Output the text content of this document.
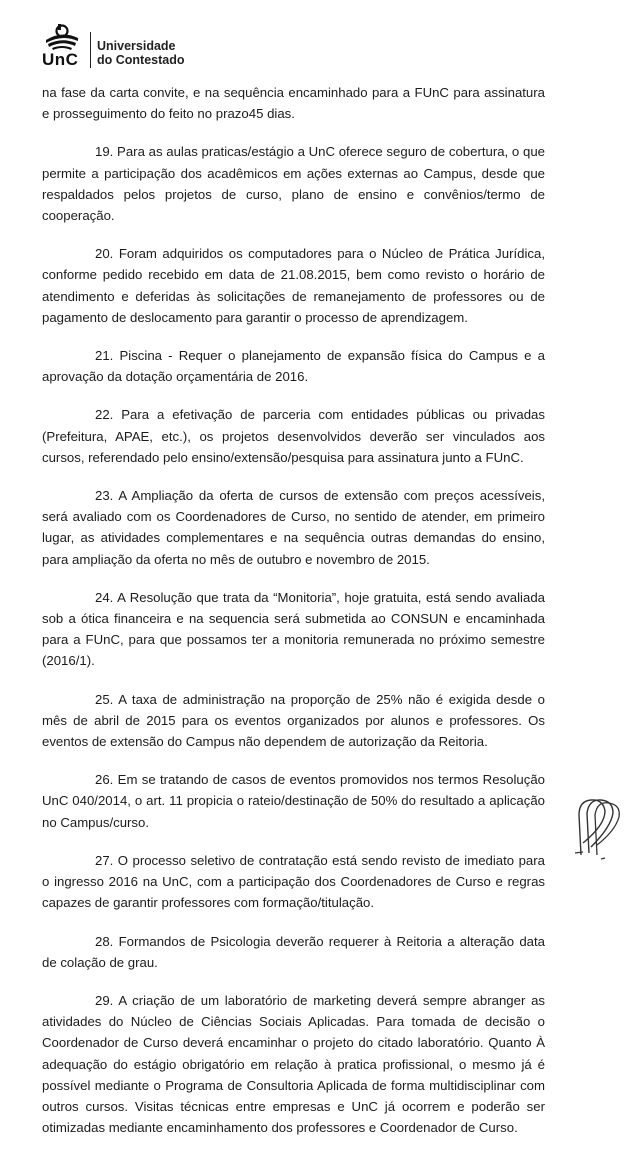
UnC
Universidade
do Contestado

na fase da carta convite, e na sequência encaminhado para a FUnC para assinatura e prosseguimento do feito no prazo45 dias.

19. Para as aulas praticas/estágio a UnC oferece seguro de cobertura, o que permite a participação dos acadêmicos em ações externas ao Campus, desde que respaldados pelos projetos de curso, plano de ensino e convênios/termo de cooperação.

20. Foram adquiridos os computadores para o Núcleo de Prática Jurídica, conforme pedido recebido em data de 21.08.2015, bem como revisto o horário de atendimento e deferidas às solicitações de remanejamento de professores ou de pagamento de deslocamento para garantir o processo de aprendizagem.

21. Piscina - Requer o planejamento de expansão física do Campus e a aprovação da dotação orçamentária de 2016.

22. Para a efetivação de parceria com entidades públicas ou privadas (Prefeitura, APAE, etc.), os projetos desenvolvidos deverão ser vinculados aos cursos, referendado pelo ensino/extensão/pesquisa para assinatura junto a FUnC.

23. A Ampliação da oferta de cursos de extensão com preços acessíveis, será avaliado com os Coordenadores de Curso, no sentido de atender, em primeiro lugar, as atividades complementares e na sequência outras demandas do ensino, para ampliação da oferta no mês de outubro e novembro de 2015.

24. A Resolução que trata da “Monitoria”, hoje gratuita, está sendo avaliada sob a ótica financeira e na sequencia será submetida ao CONSUN e encaminhada para a FUnC, para que possamos ter a monitoria remunerada no próximo semestre (2016/1).

25. A taxa de administração na proporção de 25% não é exigida desde o mês de abril de 2015 para os eventos organizados por alunos e professores. Os eventos de extensão do Campus não dependem de autorização da Reitoria.

26. Em se tratando de casos de eventos promovidos nos termos Resolução UnC 040/2014, o art. 11 propicia o rateio/destinação de 50% do resultado a aplicação no Campus/curso.

27. O processo seletivo de contratação está sendo revisto de imediato para o ingresso 2016 na UnC, com a participação dos Coordenadores de Curso e regras capazes de garantir professores com formação/titulação.

28. Formandos de Psicologia deverão requerer à Reitoria a alteração data de colação de grau.

29. A criação de um laboratório de marketing deverá sempre abranger as atividades do Núcleo de Ciências Sociais Aplicadas. Para tomada de decisão o Coordenador de Curso deverá encaminhar o projeto do citado laboratório. Quanto À adequação do estágio obrigatório em relação à pratica profissional, o mesmo já é possível mediante o Programa de Consultoria Aplicada de forma multidisciplinar com outros cursos. Visitas técnicas entre empresas e UnC já ocorrem e poderão ser otimizadas mediante encaminhamento dos professores e Coordenador de Curso.
